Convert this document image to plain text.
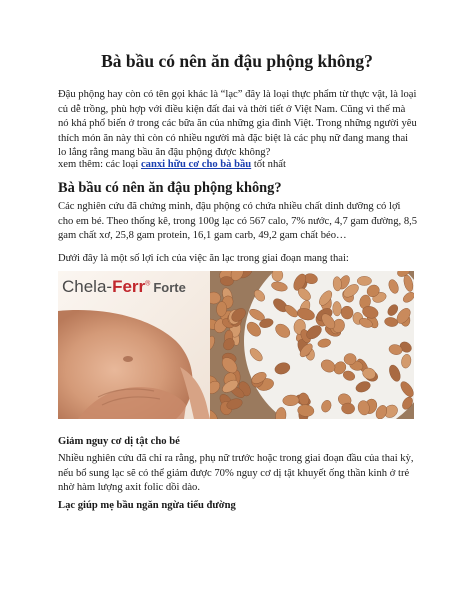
Bà bầu có nên ăn đậu phộng không?

Đậu phộng hay còn có tên gọi khác là “lạc” đây là loại thực phẩm từ thực vật, là loại củ dễ trồng, phù hợp với điều kiện đất đai và thời tiết ở Việt Nam. Cũng vì thế mà nó khá phổ biến ở trong các bữa ăn của những gia đình Việt. Trong những người yêu thích món ăn này thì còn có nhiều người mà đặc biệt là các phụ nữ đang mang thai lo lắng rằng mang bầu ăn đậu phộng được không?

xem thêm: các loại canxi hữu cơ cho bà bầu tốt nhất

Bà bầu có nên ăn đậu phộng không?

Các nghiên cứu đã chứng minh, đậu phộng có chứa nhiều chất dinh dưỡng có lợi cho em bé. Theo thống kê, trong 100g lạc có 567 calo, 7% nước, 4,7 gam đường, 8,5 gam chất xơ, 25,8 gam protein, 16,1 gam carb, 49,2 gam chất béo…

Dưới đây là một số lợi ích của việc ăn lạc trong giai đoạn mang thai:

Chela-Ferr® Forte
Giảm nguy cơ dị tật cho bé

Nhiều nghiên cứu đã chỉ ra rằng, phụ nữ trước hoặc trong giai đoạn đầu của thai kỳ, nếu bổ sung lạc sẽ có thể giảm được 70% nguy cơ dị tật khuyết ống thần kinh ở trẻ nhờ hàm lượng axit folic dồi dào.

Lạc giúp mẹ bầu ngăn ngừa tiểu đường
